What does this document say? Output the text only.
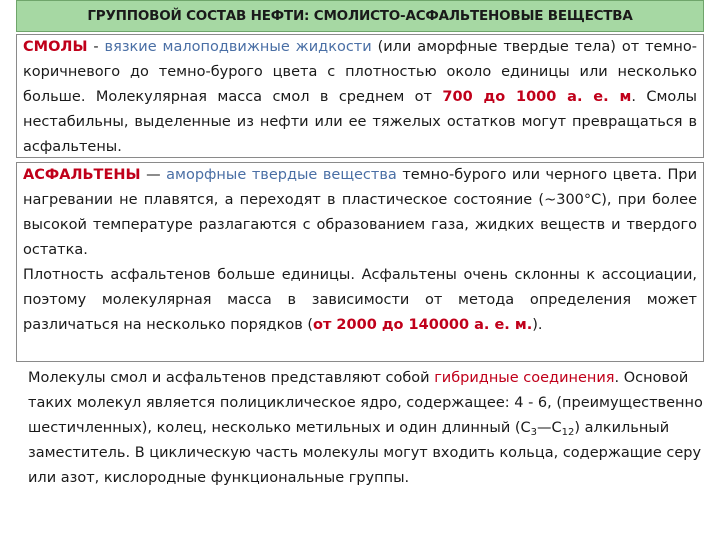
ГРУППОВОЙ СОСТАВ НЕФТИ: СМОЛИСТО-АСФАЛЬТЕНОВЫЕ ВЕЩЕСТВА

СМОЛЫ - вязкие малоподвижные жидкости (или аморфные твердые тела) от темно-коричневого до темно-бурого цвета с плотностью около единицы или несколько больше. Молекулярная масса смол в среднем от 700 до 1000 а. е. м. Смолы нестабильны, выделенные из нефти или ее тяжелых остатков могут превращаться в асфальтены.

АСФАЛЬТЕНЫ — аморфные твердые вещества темно-бурого или черного цвета. При нагревании не плавятся, а переходят в пластическое состояние (~300°С), при более высокой температуре разлагаются с образованием газа, жидких веществ и твердого остатка.

Плотность асфальтенов больше единицы. Асфальтены очень склонны к ассоциации, поэтому молекулярная масса в зависимости от метода определения может различаться на несколько порядков (от 2000 до 140000 а. е. м.).

Молекулы смол и асфальтенов представляют собой гибридные соединения. Основой таких молекул является полициклическое ядро, содержащее: 4 - 6, (преимущественно шестичленных), колец, несколько метильных и один длинный $(С_3—С_{12})$ алкильный заместитель. В циклическую часть молекулы могут входить кольца, содержащие серу или азот, кислородные функциональные группы.
